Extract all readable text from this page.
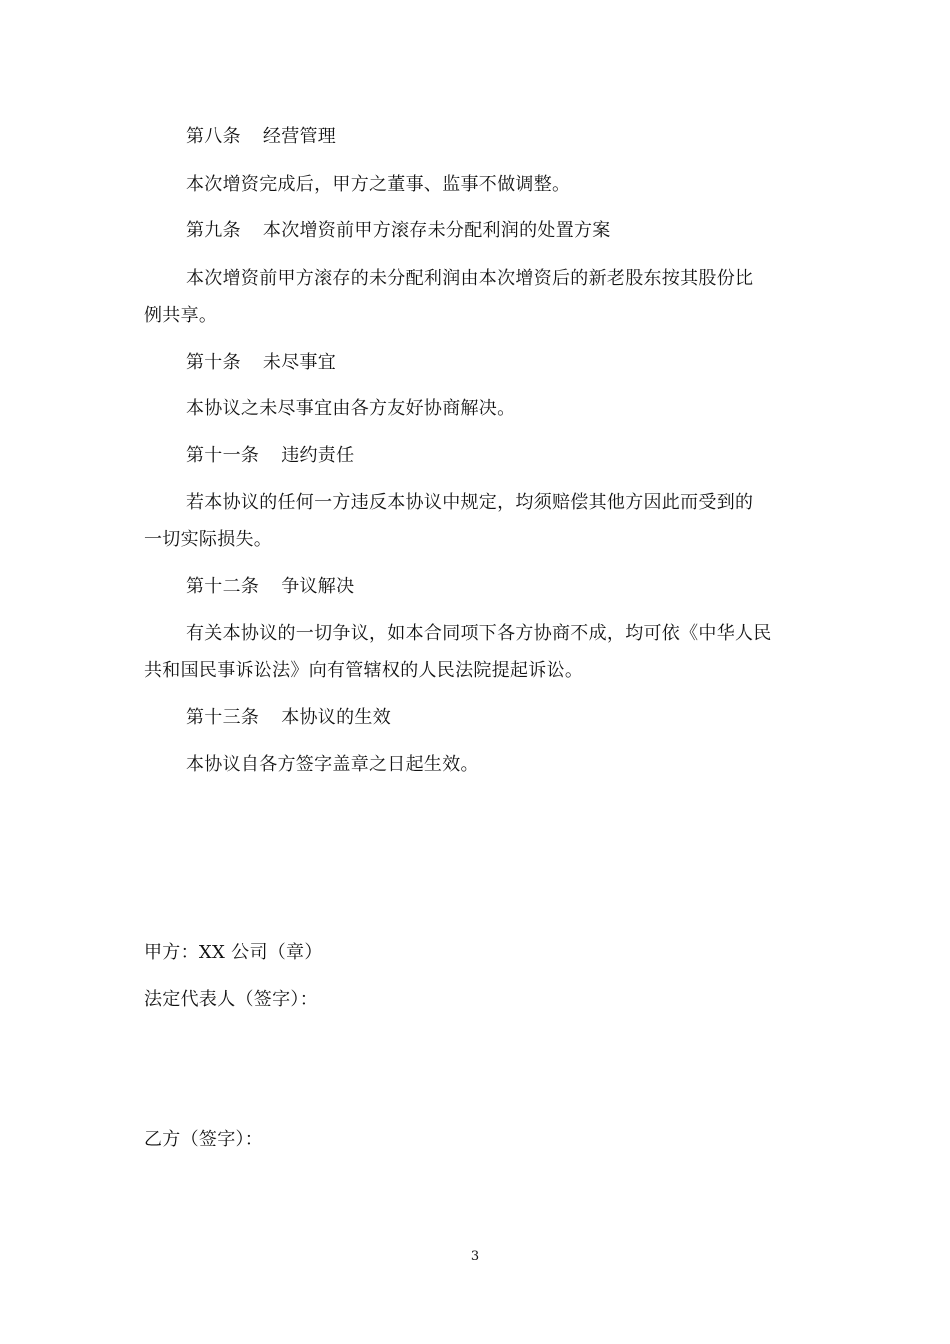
第八条 经营管理
本次增资完成后，甲方之董事、监事不做调整。
第九条 本次增资前甲方滚存未分配利润的处置方案
本次增资前甲方滚存的未分配利润由本次增资后的新老股东按其股份比
例共享。
第十条 未尽事宜
本协议之未尽事宜由各方友好协商解决。
第十一条 违约责任
若本协议的任何一方违反本协议中规定，均须赔偿其他方因此而受到的
一切实际损失。
第十二条 争议解决
有关本协议的一切争议，如本合同项下各方协商不成，均可依《中华人民
共和国民事诉讼法》向有管辖权的人民法院提起诉讼。
第十三条 本协议的生效
本协议自各方签字盖章之日起生效。
甲方：XX 公司（章）
法定代表人（签字）：
乙方（签字）：
3
